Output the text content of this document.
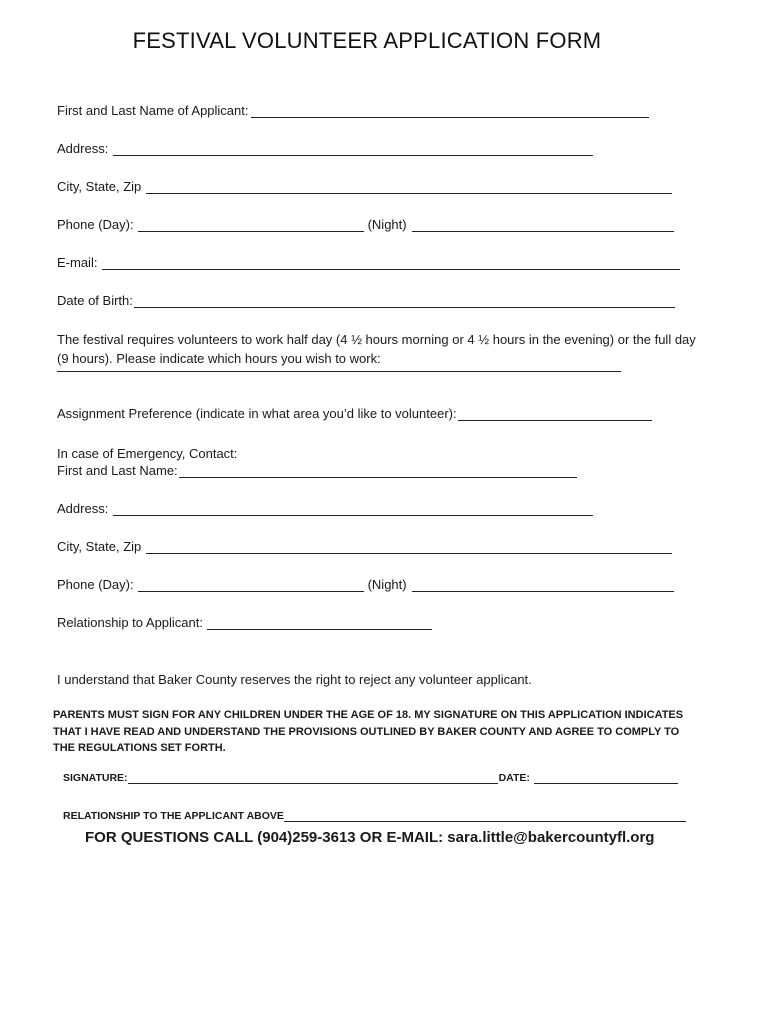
FESTIVAL VOLUNTEER APPLICATION FORM
First and Last Name of Applicant:
Address:
City, State, Zip
Phone (Day):	(Night)
E-mail:
Date of Birth:
The festival requires volunteers to work half day (4 ½ hours morning or 4 ½ hours in the evening) or the full day (9 hours). Please indicate which hours you wish to work:
Assignment Preference (indicate in what area you’d like to volunteer):
In case of Emergency, Contact:
First and Last Name:
Address:
City, State, Zip
Phone (Day):	(Night)
Relationship to Applicant:
I understand that Baker County reserves the right to reject any volunteer applicant.
PARENTS MUST SIGN FOR ANY CHILDREN UNDER THE AGE OF 18. MY SIGNATURE ON THIS APPLICATION INDICATES THAT I HAVE READ AND UNDERSTAND THE PROVISIONS OUTLINED BY BAKER COUNTY AND AGREE TO COMPLY TO THE REGULATIONS SET FORTH.
SIGNATURE:	DATE:
RELATIONSHIP TO THE APPLICANT ABOVE
FOR QUESTIONS CALL (904)259-3613 OR E-MAIL: sara.little@bakercountyfl.org
